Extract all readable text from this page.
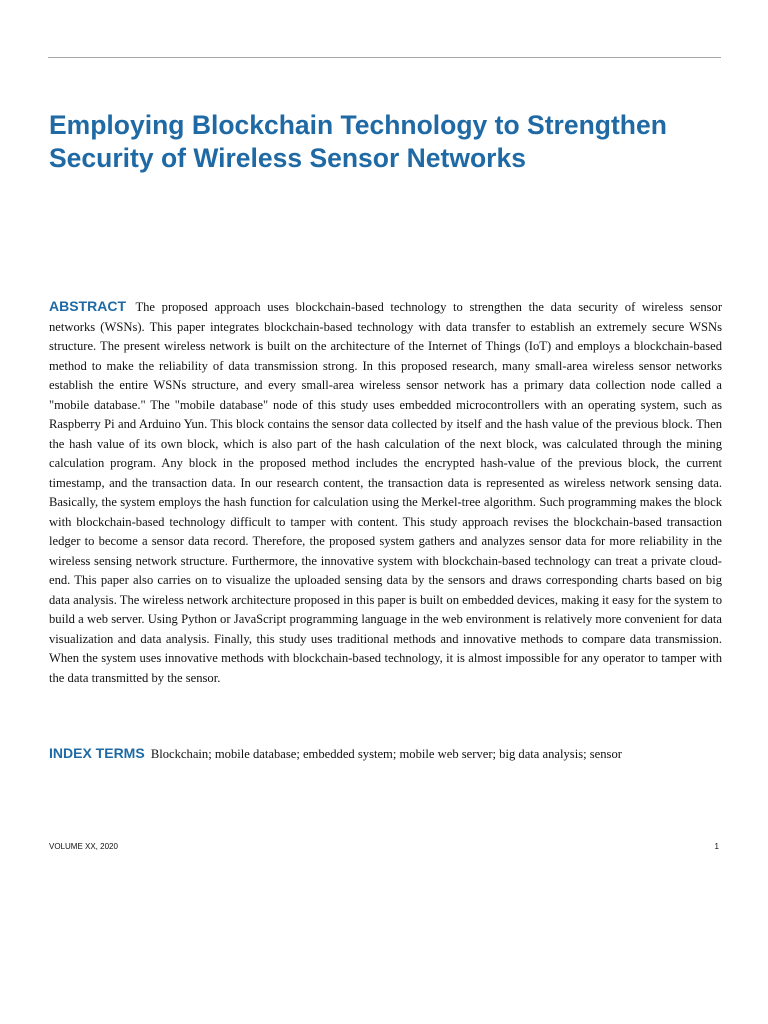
Employing Blockchain Technology to Strengthen Security of Wireless Sensor Networks

ABSTRACT The proposed approach uses blockchain-based technology to strengthen the data security of wireless sensor networks (WSNs). This paper integrates blockchain-based technology with data transfer to establish an extremely secure WSNs structure. The present wireless network is built on the architecture of the Internet of Things (IoT) and employs a blockchain-based method to make the reliability of data transmission strong. In this proposed research, many small-area wireless sensor networks establish the entire WSNs structure, and every small-area wireless sensor network has a primary data collection node called a "mobile database." The "mobile database" node of this study uses embedded microcontrollers with an operating system, such as Raspberry Pi and Arduino Yun. This block contains the sensor data collected by itself and the hash value of the previous block. Then the hash value of its own block, which is also part of the hash calculation of the next block, was calculated through the mining calculation program. Any block in the proposed method includes the encrypted hash-value of the previous block, the current timestamp, and the transaction data. In our research content, the transaction data is represented as wireless network sensing data. Basically, the system employs the hash function for calculation using the Merkel-tree algorithm. Such programming makes the block with blockchain-based technology difficult to tamper with content. This study approach revises the blockchain-based transaction ledger to become a sensor data record. Therefore, the proposed system gathers and analyzes sensor data for more reliability in the wireless sensing network structure. Furthermore, the innovative system with blockchain-based technology can treat a private cloud-end. This paper also carries on to visualize the uploaded sensing data by the sensors and draws corresponding charts based on big data analysis. The wireless network architecture proposed in this paper is built on embedded devices, making it easy for the system to build a web server. Using Python or JavaScript programming language in the web environment is relatively more convenient for data visualization and data analysis. Finally, this study uses traditional methods and innovative methods to compare data transmission. When the system uses innovative methods with blockchain-based technology, it is almost impossible for any operator to tamper with the data transmitted by the sensor.

INDEX TERMS Blockchain; mobile database; embedded system; mobile web server; big data analysis; sensor

VOLUME XX, 2020	1
